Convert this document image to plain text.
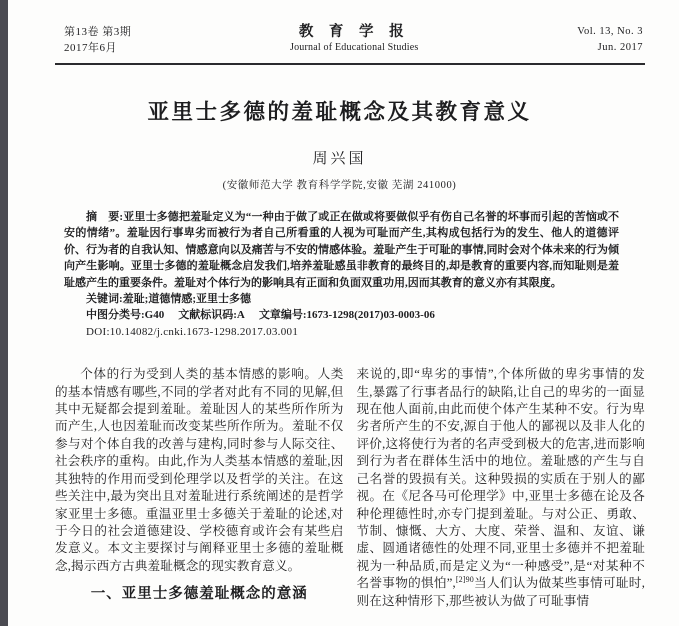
第13卷 第3期
2017年6月
教 育 学 报
Journal of Educational Studies
Vol. 13, No. 3
Jun. 2017
亚里士多德的羞耻概念及其教育意义
周兴国
(安徽师范大学 教育科学学院,安徽 芜湖 241000)

摘　要:亚里士多德把羞耻定义为“一种由于做了或正在做或将要做似乎有伤自己名誉的坏事而引起的苦恼或不安的情绪”。羞耻因行事卑劣而被行为者自己所看重的人视为可耻而产生,其构成包括行为的发生、他人的道德评价、行为者的自我认知、情感意向以及痛苦与不安的情感体验。羞耻产生于可耻的事情,同时会对个体未来的行为倾向产生影响。亚里士多德的羞耻概念启发我们,培养羞耻感虽非教育的最终目的,却是教育的重要内容,而知耻则是羞耻感产生的重要条件。羞耻对个体行为的影响具有正面和负面双重功用,因而其教育的意义亦有其限度。

关键词:羞耻;道德情感;亚里士多德

中图分类号:G40 文献标识码:A 文章编号:1673-1298(2017)03-0003-06

DOI:10.14082/j.cnki.1673-1298.2017.03.001

个体的行为受到人类的基本情感的影响。人类的基本情感有哪些,不同的学者对此有不同的见解,但其中无疑都会提到羞耻。羞耻因人的某些所作所为而产生,人也因羞耻而改变某些所作所为。羞耻不仅参与对个体自我的改善与建构,同时参与人际交往、社会秩序的重构。由此,作为人类基本情感的羞耻,因其独特的作用而受到伦理学以及哲学的关注。在这些关注中,最为突出且对羞耻进行系统阐述的是哲学家亚里士多德。重温亚里士多德关于羞耻的论述,对于今日的社会道德建设、学校德育或许会有某些启发意义。本文主要探讨与阐释亚里士多德的羞耻概念,揭示西方古典羞耻概念的现实教育意义。

一、亚里士多德羞耻概念的意涵

来说的,即“卑劣的事情”,个体所做的卑劣事情的发生,暴露了行事者品行的缺陷,让自己的卑劣的一面显现在他人面前,由此而使个体产生某种不安。行为卑劣者所产生的不安,源自于他人的鄙视以及非人化的评价,这将使行为者的名声受到极大的危害,进而影响到行为者在群体生活中的地位。羞耻感的产生与自己名誉的毁损有关。这种毁损的实质在于别人的鄙视。在《尼各马可伦理学》中,亚里士多德在论及各种伦理德性时,亦专门提到羞耻。与对公正、勇敢、节制、慷慨、大方、大度、荣誉、温和、友谊、谦虚、圆通诸德性的处理不同,亚里士多德并不把羞耻视为一种品质,而是定义为“一种感受”,是“对某种不名誉事物的惧怕”,$^{[2]90}$当人们认为做某些事情可耻时,则在这种情形下,那些被认为做了可耻事情
